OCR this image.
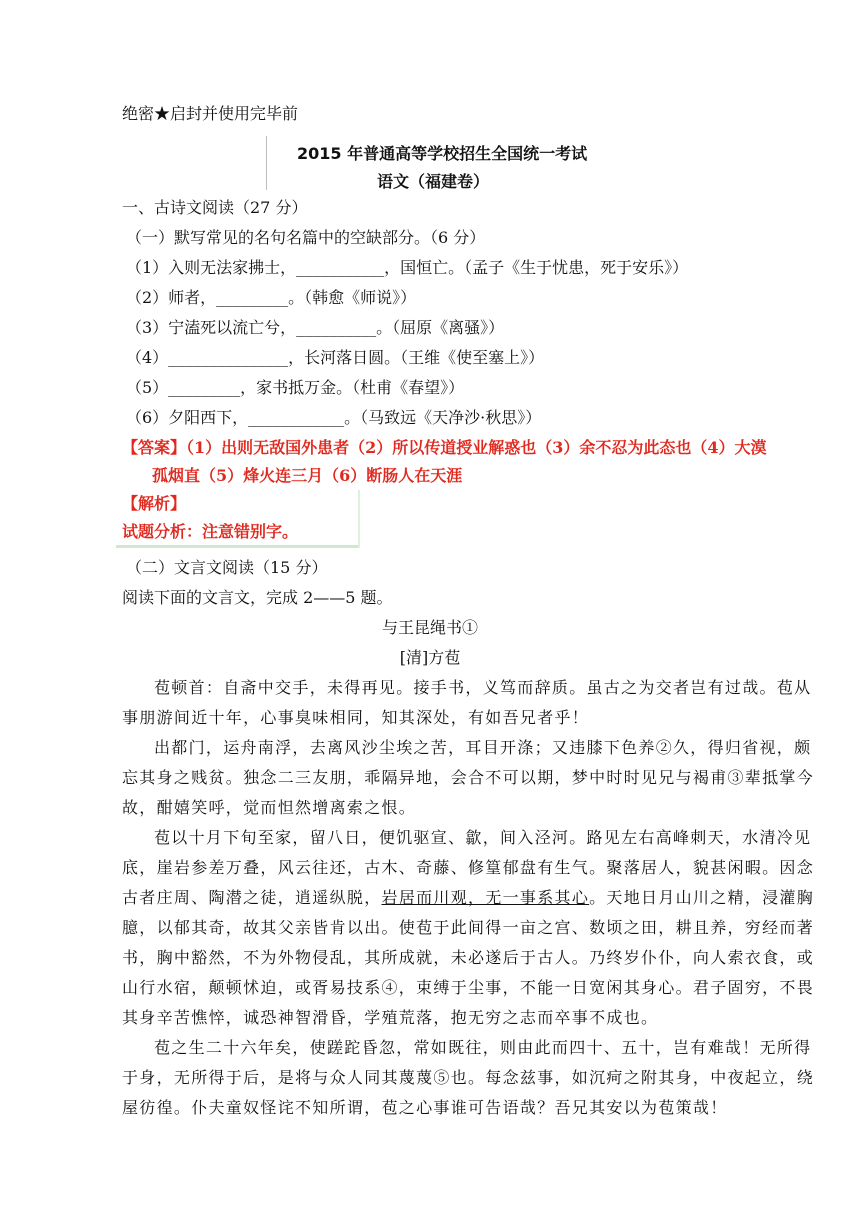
绝密★启封并使用完毕前
2015 年普通高等学校招生全国统一考试
语文（福建卷）
一、古诗文阅读（27 分）
（一）默写常见的名句名篇中的空缺部分。（6 分）
（1）入则无法家拂士，___________，国恒亡。（孟子《生于忧患，死于安乐》）
（2）师者，_________。（韩愈《师说》）
（3）宁溘死以流亡兮，__________。（屈原《离骚》）
（4）_______________，长河落日圆。（王维《使至塞上》）
（5）_________，家书抵万金。（杜甫《春望》）
（6）夕阳西下，____________。（马致远《天净沙·秋思》）
【答案】（1）出则无敌国外患者（2）所以传道授业解惑也（3）余不忍为此态也（4）大漠
孤烟直（5）烽火连三月（6）断肠人在天涯
【解析】
试题分析：注意错别字。
（二）文言文阅读（15 分）
阅读下面的文言文，完成 2——5 题。
与王昆绳书①
[清]方苞
苞顿首：自斋中交手，未得再见。接手书，义笃而辞质。虽古之为交者岂有过哉。苞从
事朋游间近十年，心事臭味相同，知其深处，有如吾兄者乎！
出都门，运舟南浮，去离风沙尘埃之苦，耳目开涤；又违膝下色养②久，得归省视，颇
忘其身之贱贫。独念二三友朋，乖隔异地，会合不可以期，梦中时时见兄与褐甫③辈抵掌今
故，酣嬉笑呼，觉而怛然增离索之恨。
苞以十月下旬至家，留八日，便饥驱宣、歙，间入泾河。路见左右高峰刺天，水清冷见
底，崖岩参差万叠，风云往还，古木、奇藤、修篁郁盘有生气。聚落居人，貌甚闲暇。因念
古者庄周、陶潜之徒，逍遥纵脱，岩居而川观，无一事系其心。天地日月山川之精，浸灌胸
臆，以郁其奇，故其父亲皆肯以出。使苞于此间得一亩之宫、数顷之田，耕且养，穷经而著
书，胸中豁然，不为外物侵乱，其所成就，未必遂后于古人。乃终岁仆仆，向人索衣食，或
山行水宿，颠顿怵迫，或胥易技系④，束缚于尘事，不能一日宽闲其身心。君子固穷，不畏
其身辛苦憔悴，诚恐神智滑昏，学殖荒落，抱无穷之志而卒事不成也。
苞之生二十六年矣，使蹉跎昏忽，常如既往，则由此而四十、五十，岂有难哉！无所得
于身，无所得于后，是将与众人同其蔑蔑⑤也。每念兹事，如沉疴之附其身，中夜起立，绕
屋彷徨。仆夫童奴怪诧不知所谓，苞之心事谁可告语哉？吾兄其安以为苞策哉！
